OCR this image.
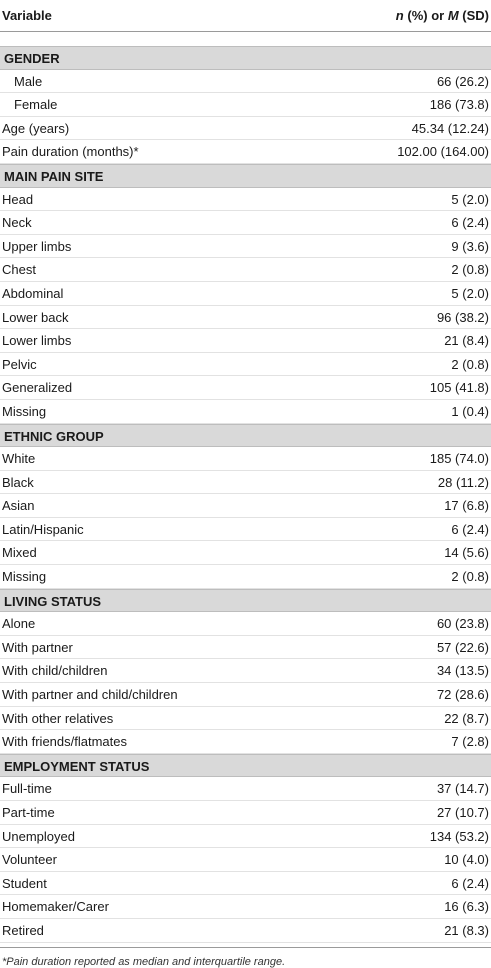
Variable	n (%) or M (SD)
GENDER
Male	66 (26.2)
Female	186 (73.8)
Age (years)	45.34 (12.24)
Pain duration (months)*	102.00 (164.00)
MAIN PAIN SITE
Head	5 (2.0)
Neck	6 (2.4)
Upper limbs	9 (3.6)
Chest	2 (0.8)
Abdominal	5 (2.0)
Lower back	96 (38.2)
Lower limbs	21 (8.4)
Pelvic	2 (0.8)
Generalized	105 (41.8)
Missing	1 (0.4)
ETHNIC GROUP
White	185 (74.0)
Black	28 (11.2)
Asian	17 (6.8)
Latin/Hispanic	6 (2.4)
Mixed	14 (5.6)
Missing	2 (0.8)
LIVING STATUS
Alone	60 (23.8)
With partner	57 (22.6)
With child/children	34 (13.5)
With partner and child/children	72 (28.6)
With other relatives	22 (8.7)
With friends/flatmates	7 (2.8)
EMPLOYMENT STATUS
Full-time	37 (14.7)
Part-time	27 (10.7)
Unemployed	134 (53.2)
Volunteer	10 (4.0)
Student	6 (2.4)
Homemaker/Carer	16 (6.3)
Retired	21 (8.3)
*Pain duration reported as median and interquartile range.
